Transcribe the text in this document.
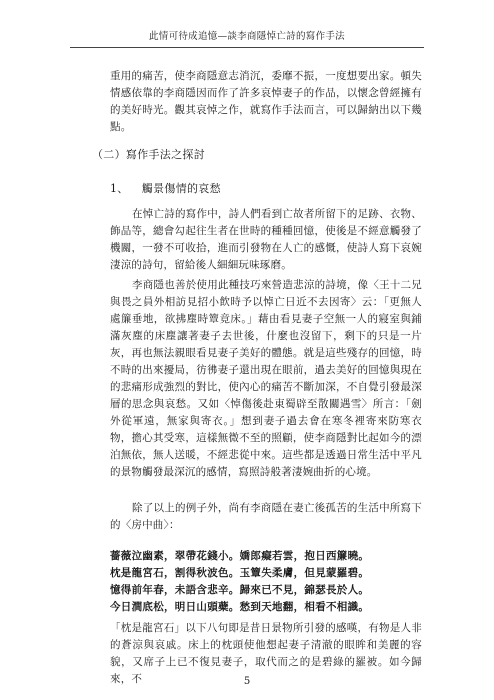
此情可待成追憶—談李商隱悼亡詩的寫作手法

重用的痛苦，使李商隱意志消沉，委靡不振，一度想要出家。頓失情感依靠的李商隱因而作了許多哀悼妻子的作品，以懷念曾經擁有的美好時光。觀其哀悼之作，就寫作手法而言，可以歸納出以下幾點。

（二）寫作手法之探討
1、 觸景傷情的哀愁

在悼亡詩的寫作中，詩人們看到亡故者所留下的足跡、衣物、飾品等，總會勾起往生者在世時的種種回憶，使後是不經意觸發了機關，一發不可收拾，進而引發物在人亡的感慨，使詩人寫下哀婉淒涼的詩句，留給後人細細玩味琢磨。

李商隱也善於使用此種技巧來營造悲涼的詩境，像〈王十二兄與畏之員外相訪見招小飲時予以悼亡日近不去因寄〉云：「更無人處簾垂地，欲拂塵時簟竟床。」藉由看見妻子空無一人的寢室與鋪滿灰塵的床塵讓著妻子去世後，什麼也沒留下，剩下的只是一片灰，再也無法親眼看見妻子美好的體態。就是這些殘存的回憶，時不時的出來擾局，彷彿妻子還出現在眼前，過去美好的回憶與現在的悲痛形成強烈的對比，使內心的痛苦不斷加深，不自覺引發最深層的思念與哀愁。又如〈悼傷後赴東蜀辟至散關遇雪〉所言：「劍外從軍遠，無家與寄衣。」想到妻子過去會在寒冬裡寄來防寒衣物，擔心其受寒，這樣無微不至的照顧，使李商隱對比起如今的漂泊無依，無人送暖，不經悲從中來。這些都是透過日常生活中平凡的景物觸發最深沉的感情，寫照詩般著淒婉曲折的心境。

除了以上的例子外，尚有李商隱在妻亡後孤苦的生活中所寫下的〈房中曲〉：

薔薇泣幽素，翠帶花錢小。嬌郎癡若雲，抱日西簾曉。
枕是龍宮石，割得秋波色。玉簟失柔膚，但見蒙羅碧。
憶得前年春，未語含悲辛。歸來已不見，錦瑟長於人。
今日澗底松，明日山頭蘗。愁到天地翻，相看不相識。

「枕是龍宮石」以下八句即是昔日景物所引發的感嘆，有物是人非的蒼涼與哀戚。床上的枕頭使他想起妻子清澈的眼眸和美麗的容貌，又席子上已不復見妻子，取代而之的是碧綠的羅被。如今歸來，不	5
